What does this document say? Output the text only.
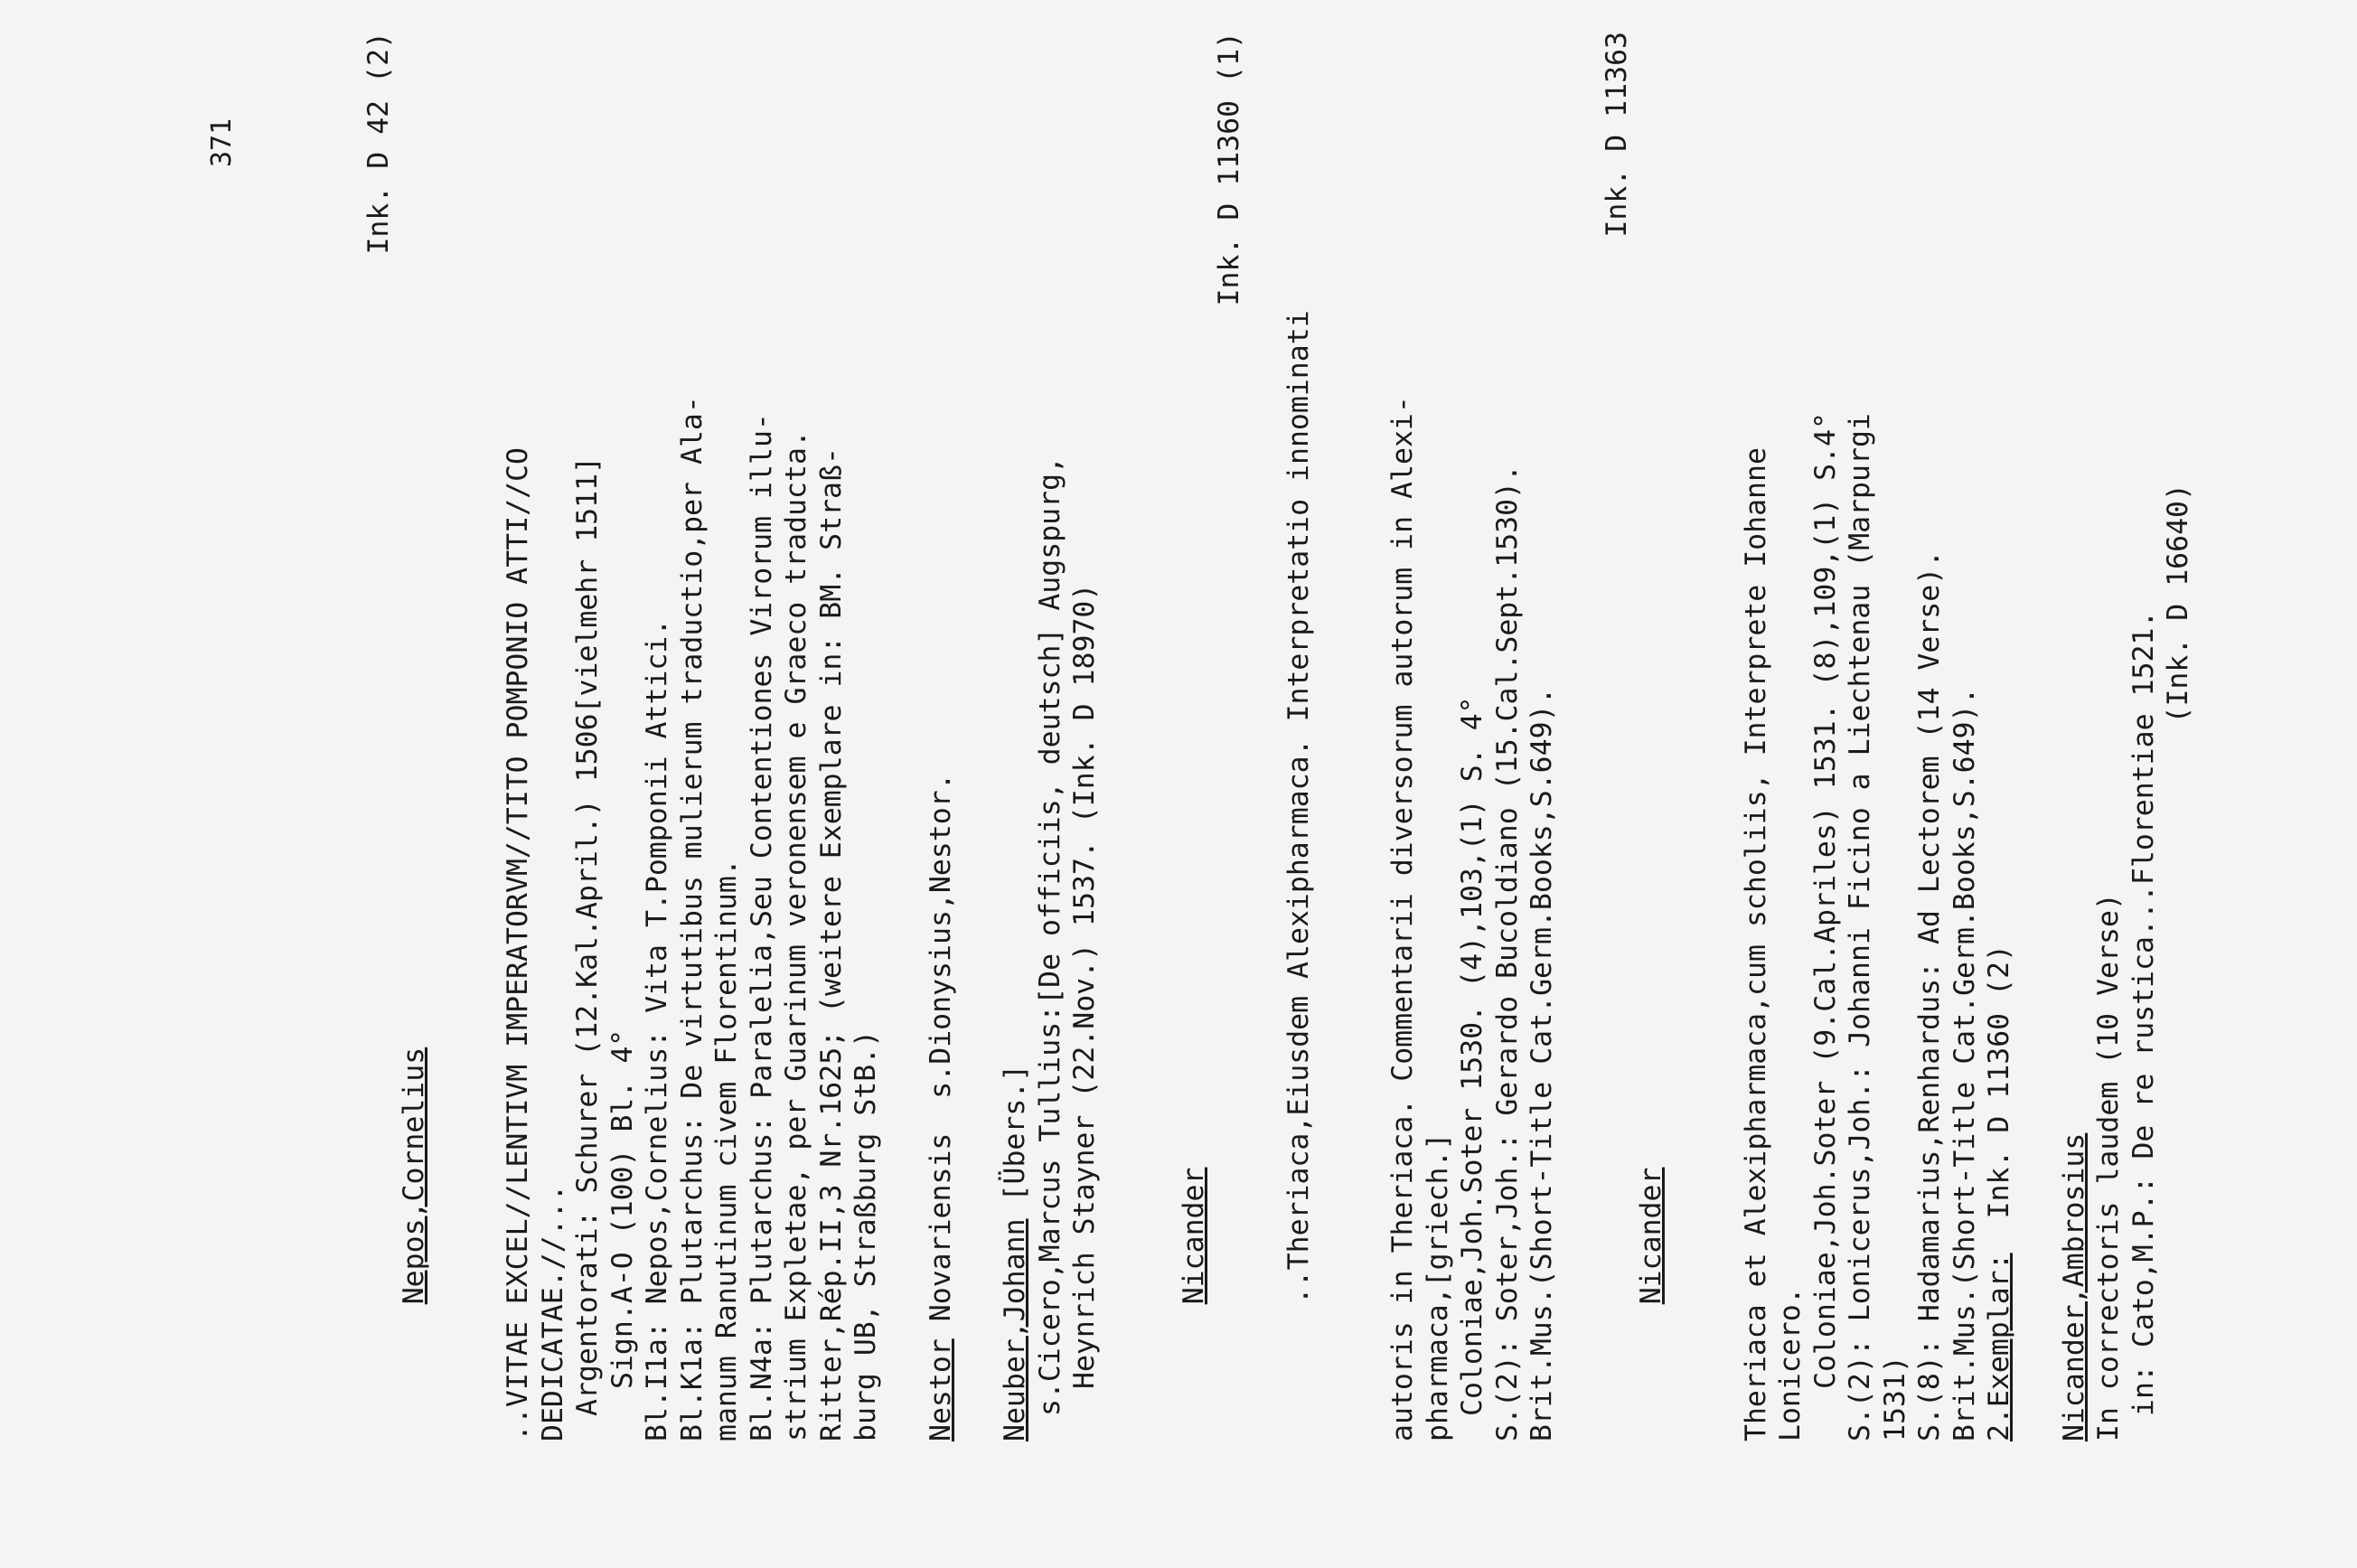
371

Nepos,Cornelius

Ink. D 42 (2)

..VITAE EXCEL//LENTIVM IMPERATORVM//TITO POMPONIO ATTI//CO DEDICATAE.//... Argentorati: Schurer (12.Kal.April.) 1506[vielmehr 1511] Sign.A-O (100) Bl. 4° Bl.I1a: Nepos,Cornelius: Vita T.Pomponii Attici. Bl.K1a: Plutarchus: De virtutibus mulierum traductio,per Ala- manum Ranutinum civem Florentinum. Bl.N4a: Plutarchus: Paralelia,Seu Contentiones Virorum illu- strium Expletae, per Guarinum veronensem e Graeco traducta. Ritter,Rép.II,3 Nr.1625; (weitere Exemplare in: BM. Straß- burg UB, Straßburg StB.) Nestor Novariensis  s.Dionysius,Nestor. Neuber,Johann [Übers.] s.Cicero,Marcus Tullius:[De officiis, deutsch] Augspurg, Heynrich Stayner (22.Nov.) 1537. (Ink. D 18970)	Nicander
	..Theriaca,Eiusdem Alexipharmaca. Interpretatio innominati

Ink. D 11360 (1)

autoris in Theriaca. Commentarii diversorum autorum in Alexi- pharmaca,[griech.] Coloniae,Joh.Soter 1530. (4),103,(1) S. 4° S.(2): Soter,Joh.: Gerardo Bucoldiano (15.Cal.Sept.1530). Brit.Mus.(Short-Title Cat.Germ.Books,S.649).	Nicander

Ink. D 11363

Theriaca et Alexipharmaca,cum scholiis, Interprete Iohanne Lonicero. Coloniae,Joh.Soter (9.Cal.Apriles) 1531. (8),109,(1) S.4° S.(2): Lonicerus,Joh.: Johanni Ficino a Liechtenau (Marpurgi 1531) S.(8): Hadamarius,Renhardus: Ad Lectorem (14 Verse). Brit.Mus.(Short-Title Cat.Germ.Books,S.649). 2.Exemplar:  Ink. D 11360 (2)
Nicander,Ambrosius In correctoris laudem (10 Verse) in: Cato,M.P.: De re rustica...Florentiae 1521.
(Ink. D 16640)
